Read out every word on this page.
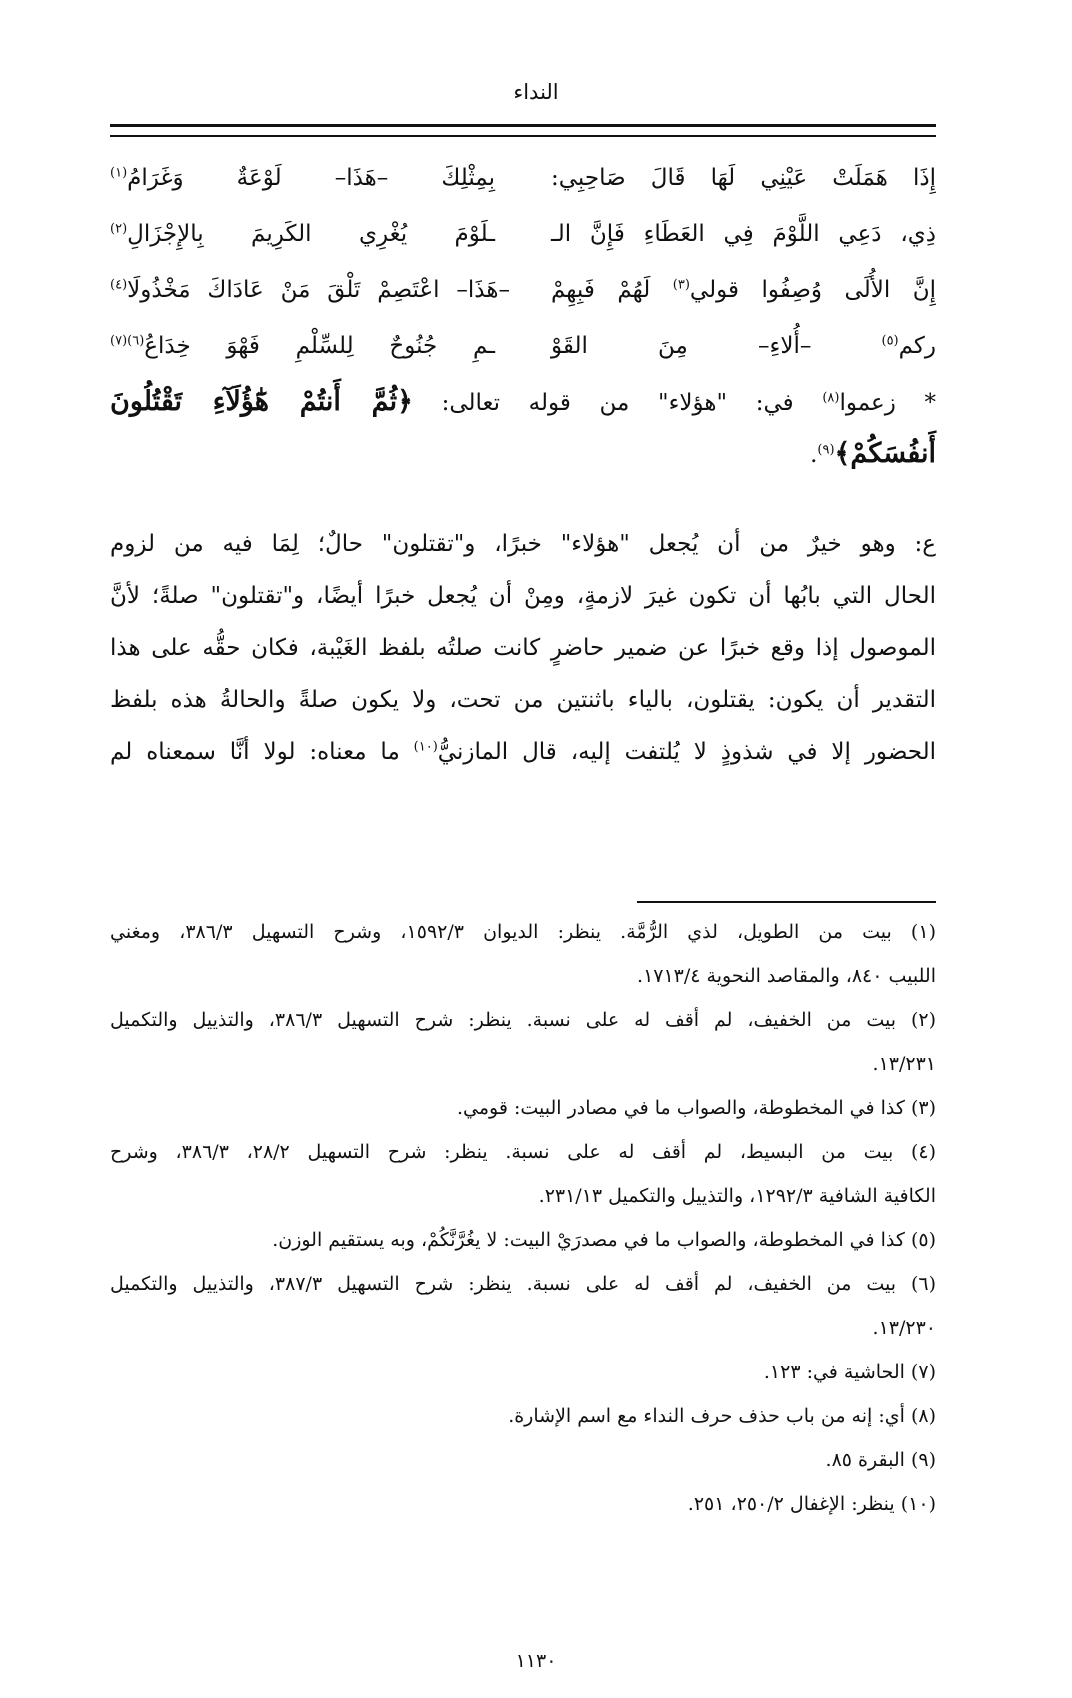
النداء
إِذَا هَمَلَتْ عَيْنِي لَهَا قَالَ صَاحِبِي:
بِمِثْلِكَ –هَذَا– لَوْعَةٌ وَغَرَامُ$^{(١)}$
ذِي، دَعِي اللَّوْمَ فِي العَطَاءِ فَإِنَّ الـ
ـلَوْمَ يُغْرِي الكَرِيمَ بِالإِجْزَالِ$^{(٢)}$
إِنَّ الأُلَى وُصِفُوا قولي$^{(٣)}$ لَهُمْ فَبِهِمْ
–هَذَا– اعْتَصِمْ تَلْقَ مَنْ عَادَاكَ مَخْذُولَا$^{(٤)}$
ركم$^{(٥)}$ –أُلاءِ– مِنَ القَوْ
ـمِ جُنُوحٌ لِلسِّلْمِ فَهْوَ خِدَاعُ$^{(٦)(٧)}$
* زعموا$^{(٨)}$ في: "هؤلاء" من قوله تعالى: ﴿ثُمَّ أَنتُمْ هَٰٓؤُلَآءِ تَقْتُلُونَ
أَنفُسَكُمْ﴾$^{(٩)}$.
ع: وهو خيرٌ من أن يُجعل "هؤلاء" خبرًا، و"تقتلون" حالٌ؛ لِمَا فيه من لزوم
الحال التي بابُها أن تكون غيرَ لازمةٍ، ومِنْ أن يُجعل خبرًا أيضًا، و"تقتلون" صلةً؛ لأنَّ
الموصول إذا وقع خبرًا عن ضمير حاضرٍ كانت صلتُه بلفظ الغَيْبة، فكان حقُّه على هذا
التقدير أن يكون: يقتلون، بالياء باثنتين من تحت، ولا يكون صلةً والحالةُ هذه بلفظ
الحضور إلا في شذوذٍ لا يُلتفت إليه، قال المازنيُّ$^{(١٠)}$ ما معناه: لولا أنَّا سمعناه لم
(١) بيت من الطويل، لذي الرُّمَّة. ينظر: الديوان ١٥٩٢/٣، وشرح التسهيل ٣٨٦/٣، ومغني
اللبيب ٨٤٠، والمقاصد النحوية ١٧١٣/٤.
(٢) بيت من الخفيف، لم أقف له على نسبة. ينظر: شرح التسهيل ٣٨٦/٣، والتذييل والتكميل
١٣/٢٣١.
(٣) كذا في المخطوطة، والصواب ما في مصادر البيت: قومي.
(٤) بيت من البسيط، لم أقف له على نسبة. ينظر: شرح التسهيل ٢٨/٢، ٣٨٦/٣، وشرح
الكافية الشافية ١٢٩٢/٣، والتذييل والتكميل ٢٣١/١٣.
(٥) كذا في المخطوطة، والصواب ما في مصدرَيْ البيت: لا يغُرَّنَّكُمْ، وبه يستقيم الوزن.
(٦) بيت من الخفيف، لم أقف له على نسبة. ينظر: شرح التسهيل ٣٨٧/٣، والتذييل والتكميل
١٣/٢٣٠.
(٧) الحاشية في: ١٢٣.
(٨) أي: إنه من باب حذف حرف النداء مع اسم الإشارة.
(٩) البقرة ٨٥.
(١٠) ينظر: الإغفال ٢٥٠/٢، ٢٥١.
١١٣٠
